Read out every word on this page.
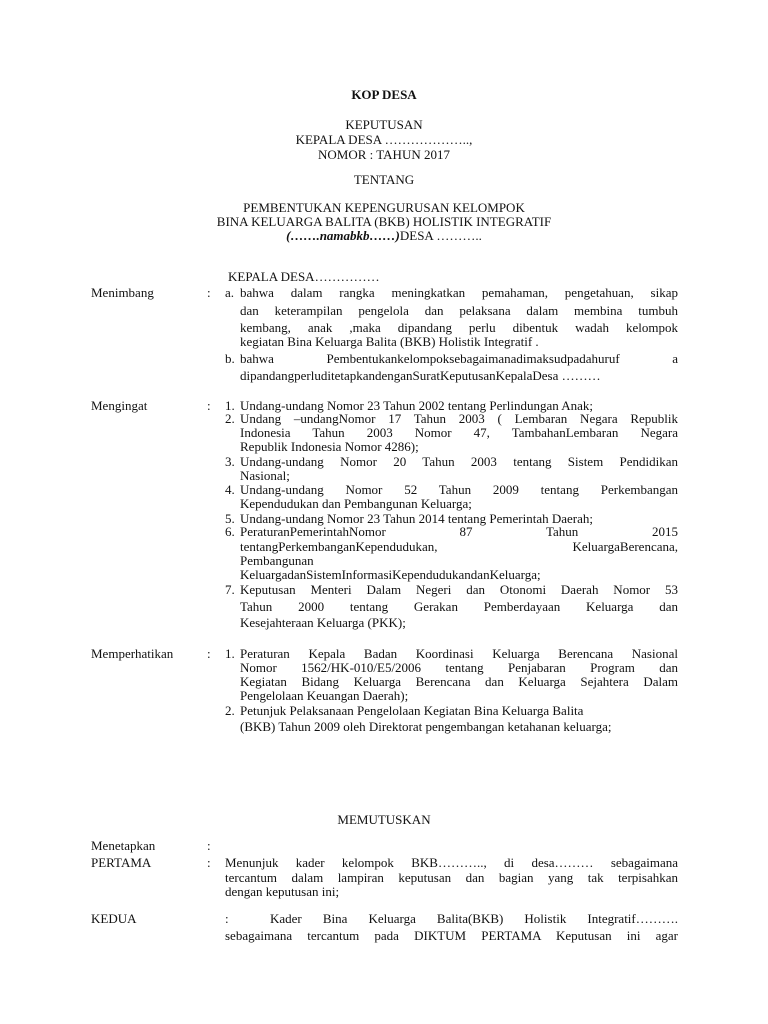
KOP DESA
KEPUTUSAN
KEPALA DESA ………………..,
NOMOR : TAHUN 2017
TENTANG
PEMBENTUKAN KEPENGURUSAN KELOMPOK
BINA KELUARGA BALITA (BKB) HOLISTIK INTEGRATIF
(…….namabkb……)DESA ………..
KEPALA DESA……………
Menimbang	: a. bahwa dalam rangka meningkatkan pemahaman, pengetahuan, sikap
dan keterampilan pengelola dan pelaksana dalam membina tumbuh
kembang, anak ,maka dipandang perlu dibentuk wadah kelompok
kegiatan Bina Keluarga Balita (BKB) Holistik Integratif .
b. bahwa Pembentukankelompoksebagaimanadimaksudpadahuruf a
dipandangperluditetapkandenganSuratKeputusanKepalaDesa ………
Mengingat	: 1. Undang-undang Nomor 23 Tahun 2002 tentang Perlindungan Anak;
2. Undang –undangNomor 17 Tahun 2003 ( Lembaran Negara Republik
Indonesia Tahun 2003 Nomor 47, TambahanLembaran Negara
Republik Indonesia Nomor 4286);
3. Undang-undang Nomor 20 Tahun 2003 tentang Sistem Pendidikan
Nasional;
4. Undang-undang Nomor 52 Tahun 2009 tentang Perkembangan
Kependudukan dan Pembangunan Keluarga;
5. Undang-undang Nomor 23 Tahun 2014 tentang Pemerintah Daerah;
6. PeraturanPemerintahNomor 87 Tahun 2015
tentangPerkembanganKependudukan, KeluargaBerencana,
Pembangunan
KeluargadanSistemInformasiKependudukandanKeluarga;
7. Keputusan Menteri Dalam Negeri dan Otonomi Daerah Nomor 53
Tahun 2000 tentang Gerakan Pemberdayaan Keluarga dan
Kesejahteraan Keluarga (PKK);
Memperhatikan	: 1. Peraturan Kepala Badan Koordinasi Keluarga Berencana Nasional
Nomor 1562/HK-010/E5/2006 tentang Penjabaran Program dan
Kegiatan Bidang Keluarga Berencana dan Keluarga Sejahtera Dalam
Pengelolaan Keuangan Daerah);
2. Petunjuk Pelaksanaan Pengelolaan Kegiatan Bina Keluarga Balita
(BKB) Tahun 2009 oleh Direktorat pengembangan ketahanan keluarga;
MEMUTUSKAN
Menetapkan	:
PERTAMA	: Menunjuk kader kelompok BKB……….., di desa……… sebagaimana
tercantum dalam lampiran keputusan dan bagian yang tak terpisahkan
dengan keputusan ini;
KEDUA	:	Kader Bina Keluarga Balita(BKB) Holistik Integratif……….
sebagaimana tercantum pada DIKTUM PERTAMA Keputusan ini agar
